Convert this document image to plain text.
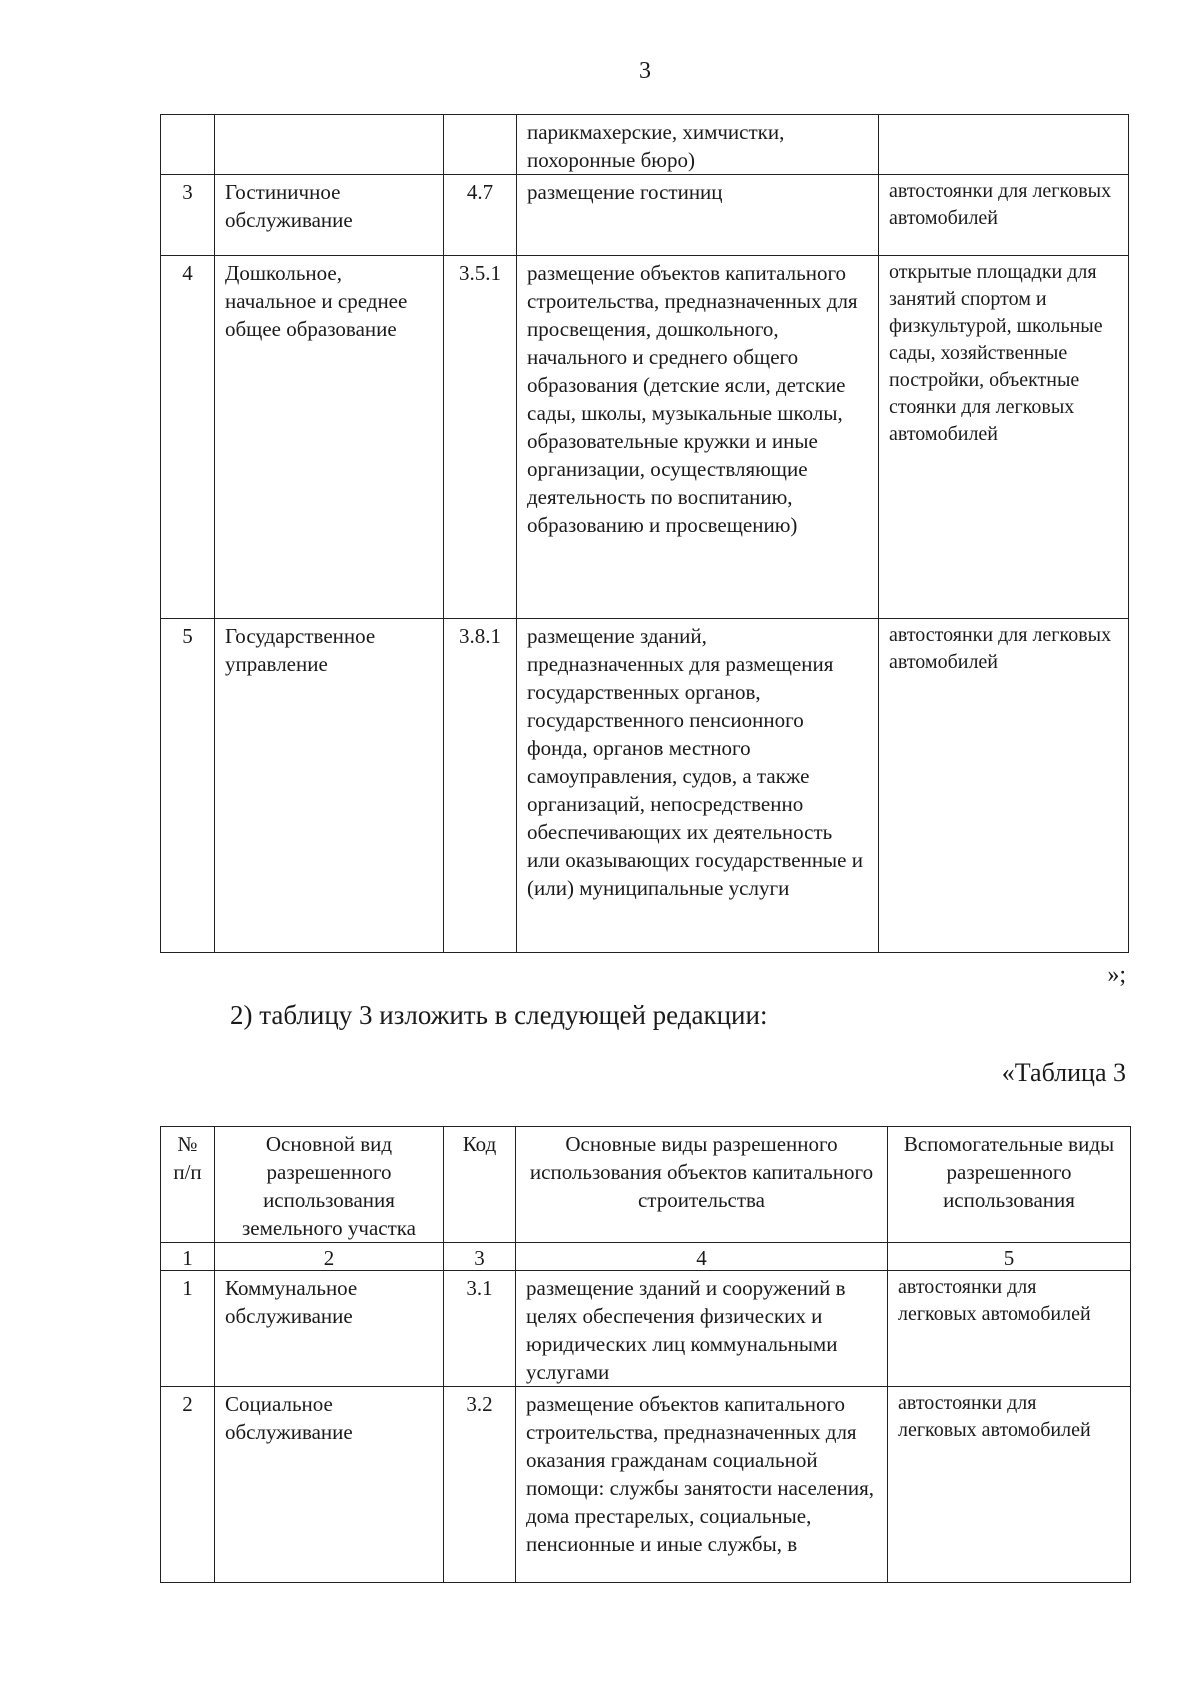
3
			парикмахерские, химчистки, похоронные бюро)	
3	Гостиничное обслуживание	4.7	размещение гостиниц	автостоянки для легковых автомобилей
4	Дошкольное, начальное и среднее общее образование	3.5.1	размещение объектов капитального строительства, предназначенных для просвещения, дошкольного, начального и среднего общего образования (детские ясли, детские сады, школы, музыкальные школы, образовательные кружки и иные организации, осуществляющие деятельность по воспитанию, образованию и просвещению)	открытые площадки для занятий спортом и физкультурой, школьные сады, хозяйственные постройки, объектные стоянки для легковых автомобилей
5	Государственное управление	3.8.1	размещение зданий, предназначенных для размещения государственных органов, государственного пенсионного фонда, органов местного самоуправления, судов, а также организаций, непосредственно обеспечивающих их деятельность или оказывающих государственные и (или) муниципальные услуги	автостоянки для легковых автомобилей
»;
2) таблицу 3 изложить в следующей редакции:
«Таблица 3
№ п/п	Основной вид разрешенного использования земельного участка	Код	Основные виды разрешенного использования объектов капитального строительства	Вспомогательные виды разрешенного использования
1	2	3	4	5
1	Коммунальное обслуживание	3.1	размещение зданий и сооружений в целях обеспечения физических и юридических лиц коммунальными услугами	автостоянки для легковых автомобилей
2	Социальное обслуживание	3.2	размещение объектов капитального строительства, предназначенных для оказания гражданам социальной помощи: службы занятости населения, дома престарелых, социальные, пенсионные и иные службы, в	автостоянки для легковых автомобилей
